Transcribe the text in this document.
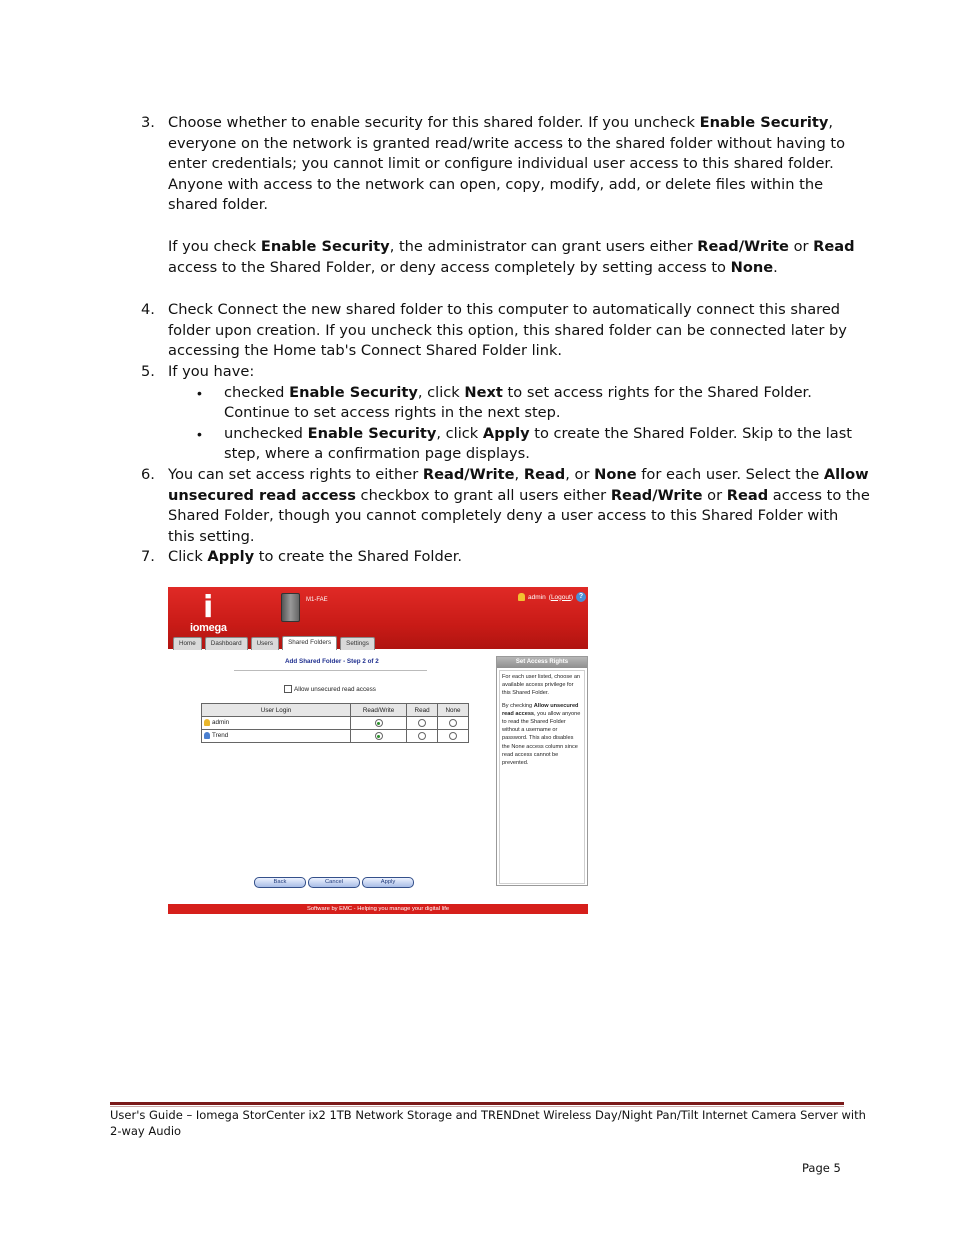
3. Choose whether to enable security for this shared folder. If you uncheck Enable Security,
everyone on the network is granted read/write access to the shared folder without having to
enter credentials; you cannot limit or configure individual user access to this shared folder.
Anyone with access to the network can open, copy, modify, add, or delete files within the
shared folder.
If you check Enable Security, the administrator can grant users either Read/Write or Read
access to the Shared Folder, or deny access completely by setting access to None.
4. Check Connect the new shared folder to this computer to automatically connect this shared
folder upon creation. If you uncheck this option, this shared folder can be connected later by
accessing the Home tab's Connect Shared Folder link.
5. If you have:
• checked Enable Security, click Next to set access rights for the Shared Folder.
Continue to set access rights in the next step.
• unchecked Enable Security, click Apply to create the Shared Folder. Skip to the last
step, where a confirmation page displays.
6. You can set access rights to either Read/Write, Read, or None for each user. Select the Allow
unsecured read access checkbox to grant all users either Read/Write or Read access to the
Shared Folder, though you cannot completely deny a user access to this Shared Folder with
this setting.
7. Click Apply to create the Shared Folder.
i
iomega
M1-FAE	admin (Logout) ?
Home	Dashboard	Users	Shared Folders	Settings
Add Shared Folder - Step 2 of 2
Allow unsecured read access
User Login	Read/Write	Read	None
admin			
Trend			
Set Access Rights

For each user listed, choose an available access privilege for this Shared Folder.

By checking Allow unsecured read access, you allow anyone to read the Shared Folder without a username or password. This also disables the None access column since read access cannot be prevented.

Back	Cancel	Apply
Software by EMC - Helping you manage your digital life
User's Guide – Iomega StorCenter ix2 1TB Network Storage and TRENDnet Wireless Day/Night Pan/Tilt Internet Camera Server with
2-way Audio
Page 5
